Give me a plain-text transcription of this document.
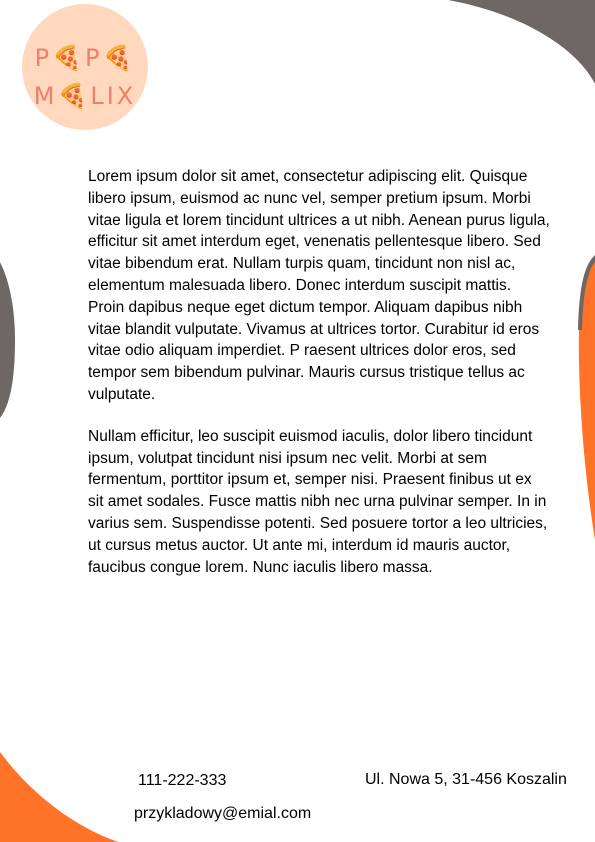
P🍕P🍕
M🍕LIX

Lorem ipsum dolor sit amet, consectetur adipiscing elit. Quisque libero ipsum, euismod ac nunc vel, semper pretium ipsum. Morbi vitae ligula et lorem tincidunt ultrices a ut nibh. Aenean purus ligula, efficitur sit amet interdum eget, venenatis pellentesque libero. Sed vitae bibendum erat. Nullam turpis quam, tincidunt non nisl ac, elementum malesuada libero. Donec interdum suscipit mattis. Proin dapibus neque eget dictum tempor. Aliquam dapibus nibh vitae blandit vulputate. Vivamus at ultrices tortor. Curabitur id eros vitae odio aliquam imperdiet. P raesent ultrices dolor eros, sed tempor sem bibendum pulvinar. Mauris cursus tristique tellus ac vulputate.

Nullam efficitur, leo suscipit euismod iaculis, dolor libero tincidunt ipsum, volutpat tincidunt nisi ipsum nec velit. Morbi at sem fermentum, porttitor ipsum et, semper nisi. Praesent finibus ut ex sit amet sodales. Fusce mattis nibh nec urna pulvinar semper. In in varius sem. Suspendisse potenti. Sed posuere tortor a leo ultricies, ut cursus metus auctor. Ut ante mi, interdum id mauris auctor, faucibus congue lorem. Nunc iaculis libero massa.

111-222-333	Ul. Nowa 5, 31-456 Koszalin
przykladowy@emial.com
